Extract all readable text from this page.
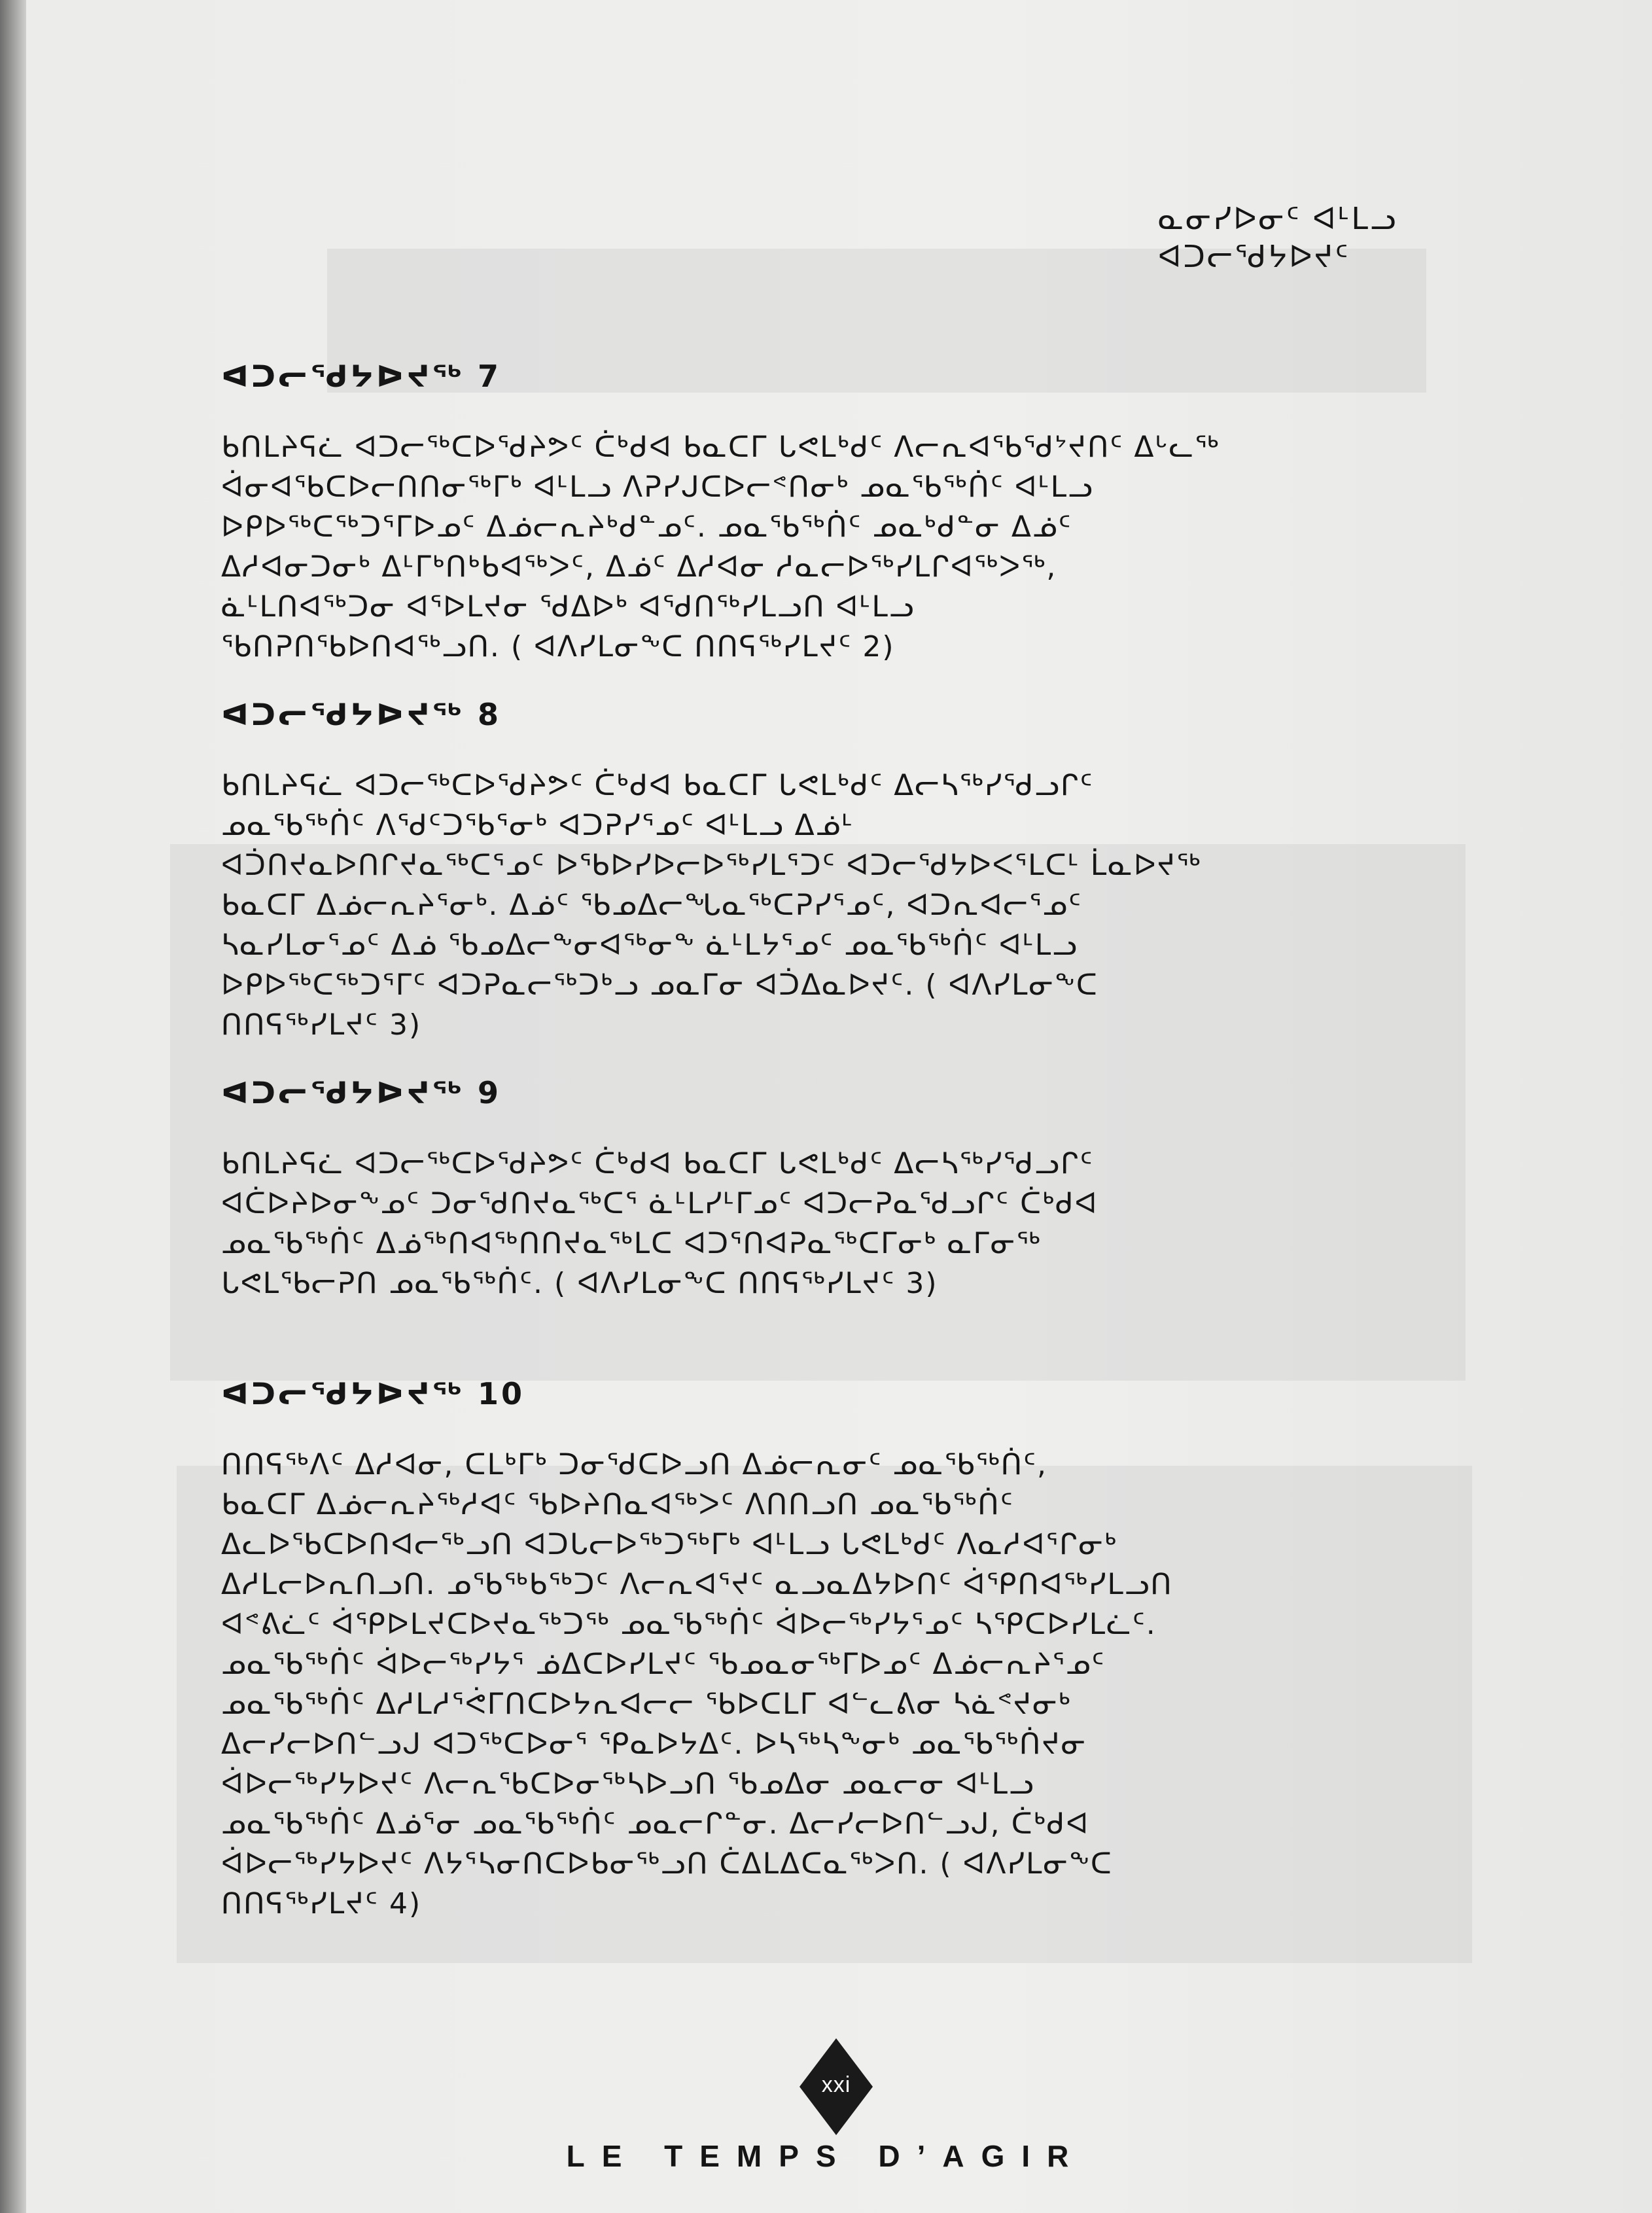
ᓇᓂᓯᐅᓂᑦ ᐊᒻᒪᓗ
ᐊᑐᓕᖁᔭᐅᔪᑦ
ᐊᑐᓕᖁᔭᐅᔪᖅ 7

ᑲᑎᒪᔨᕋᓛ ᐊᑐᓕᖅᑕᐅᖁᔨᕗᑦ ᑖᒃᑯᐊ ᑲᓇᑕᒥ ᒐᕙᒪᒃᑯᑦ ᐱᓕᕆᐊᖃᖁᔾᔪᑎᑦ ᐃᒡᓚᖅ
ᐋᓂᐊᖃᑕᐅᓕᑎᑎᓂᖅᒥᒃ ᐊᒻᒪᓗ ᐱᕈᓯᒍᑕᐅᓕᕝᑎᓂᒃ ᓄᓇᖃᖅᑏᑦ ᐊᒻᒪᓗ
ᐅᑭᐅᖅᑕᖅᑐᕐᒥᐅᓄᑦ ᐃᓅᓕᕆᔨᒃᑯᓐᓄᑦ. ᓄᓇᖃᖅᑏᑦ ᓄᓇᒃᑯᓐᓂ ᐃᓅᑦ
ᐃᓱᐊᓂᑐᓂᒃ ᐃᒻᒥᒃᑎᒃᑲᐊᖅᐳᑦ, ᐃᓅᑦ ᐃᓱᐊᓂ ᓱᓇᓕᐅᖅᓯᒪᒋᐊᖅᐳᖅ,
ᓈᒻᒪᑎᐊᖅᑐᓂ ᐊᕐᐅᒪᔪᓂ ᖁᐃᐅᒃ ᐊᖁᑎᖅᓯᒪᓗᑎ ᐊᒻᒪᓗ
ᖃᑎᕈᑎᖃᐅᑎᐊᖅᓗᑎ. ( ᐊᐱᓯᒪᓂᖕᑕ ᑎᑎᕋᖅᓯᒪᔪᑦ 2)

ᐊᑐᓕᖁᔭᐅᔪᖅ 8

ᑲᑎᒪᔨᕋᓛ ᐊᑐᓕᖅᑕᐅᖁᔨᕗᑦ ᑖᒃᑯᐊ ᑲᓇᑕᒥ ᒐᕙᒪᒃᑯᑦ ᐃᓕᓴᖅᓯᖁᓗᒋᑦ
ᓄᓇᖃᖅᑏᑦ ᐱᖁᑦᑐᖃᕐᓂᒃ ᐊᑐᕈᓯᕐᓄᑦ ᐊᒻᒪᓗ ᐃᓅᒻ
ᐊᑑᑎᔪᓇᐅᑎᒋᔪᓇᖅᑕᕐᓄᑦ ᐅᖃᐅᓯᐅᓕᐅᖅᓯᒪᕐᑐᑦ ᐊᑐᓕᖁᔭᐅᐸᕐᒪᑕᒻ ᒫᓇᐅᔪᖅ
ᑲᓇᑕᒥ ᐃᓅᓕᕆᔨᕐᓂᒃ. ᐃᓅᑦ ᖃᓄᐃᓕᖓᓇᖅᑕᕈᓯᕐᓄᑦ, ᐊᑐᕆᐊᓕᕐᓄᑦ
ᓴᓇᓯᒪᓂᕐᓄᑦ ᐃᓅ ᖃᓄᐃᓕᖕᓂᐊᖅᓂᖕ ᓈᒻᒪᔭᕐᓄᑦ ᓄᓇᖃᖅᑏᑦ ᐊᒻᒪᓗ
ᐅᑭᐅᖅᑕᖅᑐᕐᒥᑦ ᐊᑐᕈᓇᓕᖅᑐᒃᓗ ᓄᓇᒥᓂ ᐊᑑᐃᓇᐅᔪᑦ. ( ᐊᐱᓯᒪᓂᖕᑕ
ᑎᑎᕋᖅᓯᒪᔪᑦ 3)

ᐊᑐᓕᖁᔭᐅᔪᖅ 9

ᑲᑎᒪᔨᕋᓛ ᐊᑐᓕᖅᑕᐅᖁᔨᕗᑦ ᑖᒃᑯᐊ ᑲᓇᑕᒥ ᒐᕙᒪᒃᑯᑦ ᐃᓕᓴᖅᓯᖁᓗᒋᑦ
ᐊᑖᐅᔨᐅᓂᖕᓄᑦ ᑐᓂᖁᑎᔪᓇᖅᑕᕐ ᓈᒻᒪᓯᒻᒥᓄᑦ ᐊᑐᓕᕈᓇᖁᓗᒋᑦ ᑖᒃᑯᐊ
ᓄᓇᖃᖅᑏᑦ ᐃᓅᖅᑎᐊᖅᑎᑎᔪᓇᖅᒪᑕ ᐊᑐᕐᑎᐊᕈᓇᖅᑕᒥᓂᒃ ᓇᒥᓂᖅ
ᒐᕙᒪᖃᓕᕈᑎ ᓄᓇᖃᖅᑏᑦ. ( ᐊᐱᓯᒪᓂᖕᑕ ᑎᑎᕋᖅᓯᒪᔪᑦ 3)

ᐊᑐᓕᖁᔭᐅᔪᖅ 10

ᑎᑎᕋᖅᐱᑦ ᐃᓱᐊᓂ, ᑕᒪᒃᒥᒃ ᑐᓂᖁᑕᐅᓗᑎ ᐃᓅᓕᕆᓂᑦ ᓄᓇᖃᖅᑏᑦ,
ᑲᓇᑕᒥ ᐃᓅᓕᕆᔨᖅᓱᐊᑦ ᖃᐅᔨᑎᓇᐊᖅᐳᑦ ᐱᑎᑎᓗᑎ ᓄᓇᖃᖅᑏᑦ
ᐃᓚᐅᖃᑕᐅᑎᐊᓕᖅᓗᑎ ᐊᑐᒐᓕᐅᖅᑐᖅᒥᒃ ᐊᒻᒪᓗ ᒐᕙᒪᒃᑯᑦ ᐱᓇᓱᐊᕐᒋᓂᒃ
ᐃᓱᒪᓕᐅᕆᑎᓗᑎ. ᓄᖃᖅᑲᖅᑐᑦ ᐱᓕᕆᐊᕐᔪᑦ ᓇᓗᓇᐃᔭᐅᑎᑦ ᐋᕿᑎᐊᖅᓯᒪᓗᑎ
ᐊᕝᕕᓛᑦ ᐋᕿᐅᒪᔪᑕᐅᔪᓇᖅᑐᖅ ᓄᓇᖃᖅᑏᑦ ᐋᐅᓕᖅᓯᔭᕐᓄᑦ ᓴᕿᑕᐅᓯᒪᓛᑦ.
ᓄᓇᖃᖅᑏᑦ ᐋᐅᓕᖅᓯᔭᕐ ᓅᐃᑕᐅᓯᒪᔪᑦ ᖃᓄᓇᓂᖅᒥᐅᓄᑦ ᐃᓅᓕᕆᔨᕐᓄᑦ
ᓄᓇᖃᖅᑏᑦ ᐃᓱᒪᓱᕐᕚᒥᑎᑕᐅᔭᕆᐊᓕᓕ ᖃᐅᑕᒪᒥ ᐊᓪᓚᕕᓂ ᓴᓈᕝᔪᓂᒃ
ᐃᓕᓯᓕᐅᑎᓪᓗᒍ ᐊᑐᖅᑕᐅᓂᕐ ᕿᓇᐅᔭᐃᑦ. ᐅᓴᖅᓴᖕᓂᒃ ᓄᓇᖃᖅᑏᔪᓂ
ᐋᐅᓕᖅᓯᔭᐅᔪᑦ ᐱᓕᕆᖃᑕᐅᓂᖅᓴᐅᓗᑎ ᖃᓄᐃᓂ ᓄᓇᓕᓂ ᐊᒻᒪᓗ
ᓄᓇᖃᖅᑏᑦ ᐃᓅᕐᓂ ᓄᓇᖃᖅᑏᑦ ᓄᓇᓕᒋᓐᓂ. ᐃᓕᓯᓕᐅᑎᓪᓗᒍ, ᑖᒃᑯᐊ
ᐋᐅᓕᖅᓯᔭᐅᔪᑦ ᐱᔭᕐᓴᓂᑎᑕᐅᑲᓂᖅᓗᑎ ᑖᐃᒪᐃᑕᓇᖅᐳᑎ. ( ᐊᐱᓯᒪᓂᖕᑕ
ᑎᑎᕋᖅᓯᒪᔪᑦ 4)

xxi
LE TEMPS D’AGIR
